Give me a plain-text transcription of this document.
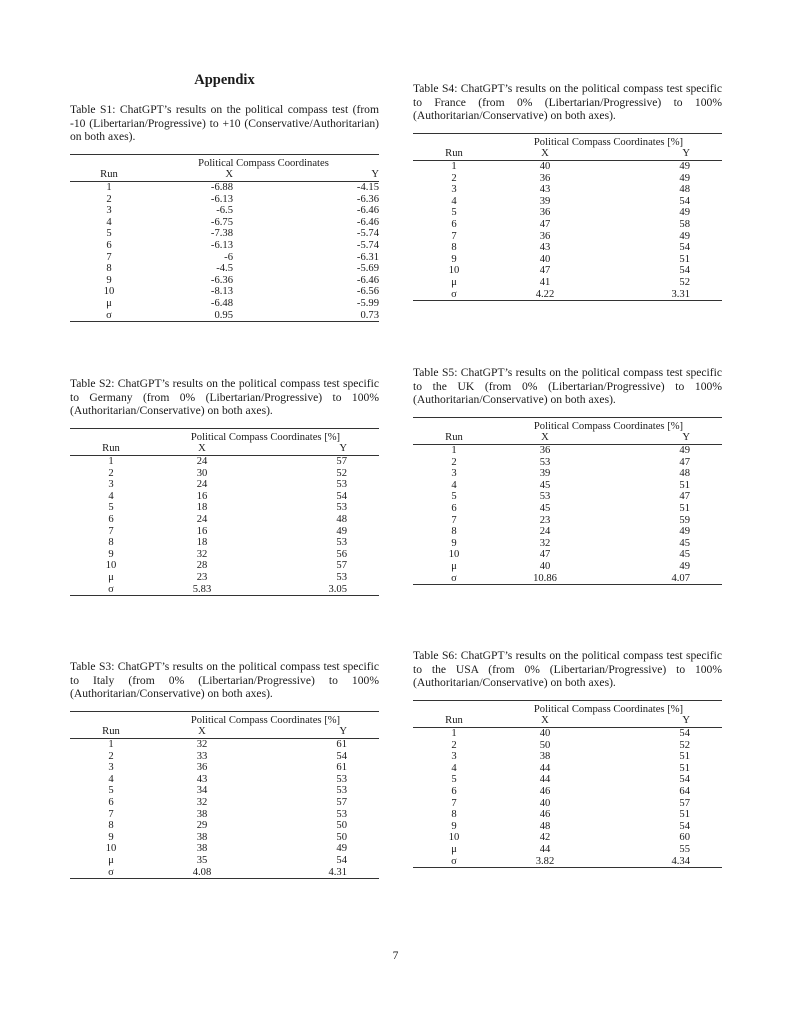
Appendix

Table S1: ChatGPT’s results on the political compass test (from -10 (Libertarian/Progressive) to +10 (Conservative/Authoritarian) on both axes).

	Political Compass Coordinates		
Run	X		Y
1	-6.88		-4.15
2	-6.13		-6.36
3	-6.5		-6.46
4	-6.75		-6.46
5	-7.38		-5.74
6	-6.13		-5.74
7	-6		-6.31
8	-4.5		-5.69
9	-6.36		-6.46
10	-8.13		-6.56
μ	-6.48		-5.99
σ	0.95		0.73

Table S2: ChatGPT’s results on the political compass test specific to Germany (from 0% (Libertarian/Progressive) to 100% (Authoritarian/Conservative) on both axes).

	Political Compass Coordinates [%]	
Run	X		Y
1	24		57
2	30		52
3	24		53
4	16		54
5	18		53
6	24		48
7	16		49
8	18		53
9	32		56
10	28		57
μ	23		53
σ	5.83		3.05

Table S3: ChatGPT’s results on the political compass test specific to Italy (from 0% (Libertarian/Progressive) to 100% (Authoritarian/Conservative) on both axes).

	Political Compass Coordinates [%]	
Run	X		Y
1	32		61
2	33		54
3	36		61
4	43		53
5	34		53
6	32		57
7	38		53
8	29		50
9	38		50
10	38		49
μ	35		54
σ	4.08		4.31

Table S4: ChatGPT’s results on the political compass test specific to France (from 0% (Libertarian/Progressive) to 100% (Authoritarian/Conservative) on both axes).

	Political Compass Coordinates [%]	
Run	X		Y
1	40		49
2	36		49
3	43		48
4	39		54
5	36		49
6	47		58
7	36		49
8	43		54
9	40		51
10	47		54
μ	41		52
σ	4.22		3.31

Table S5: ChatGPT’s results on the political compass test specific to the UK (from 0% (Libertarian/Progressive) to 100% (Authoritarian/Conservative) on both axes).

	Political Compass Coordinates [%]	
Run	X		Y
1	36		49
2	53		47
3	39		48
4	45		51
5	53		47
6	45		51
7	23		59
8	24		49
9	32		45
10	47		45
μ	40		49
σ	10.86		4.07

Table S6: ChatGPT’s results on the political compass test specific to the USA (from 0% (Libertarian/Progressive) to 100% (Authoritarian/Conservative) on both axes).

	Political Compass Coordinates [%]	
Run	X		Y
1	40		54
2	50		52
3	38		51
4	44		51
5	44		54
6	46		64
7	40		57
8	46		51
9	48		54
10	42		60
μ	44		55
σ	3.82		4.34
7
